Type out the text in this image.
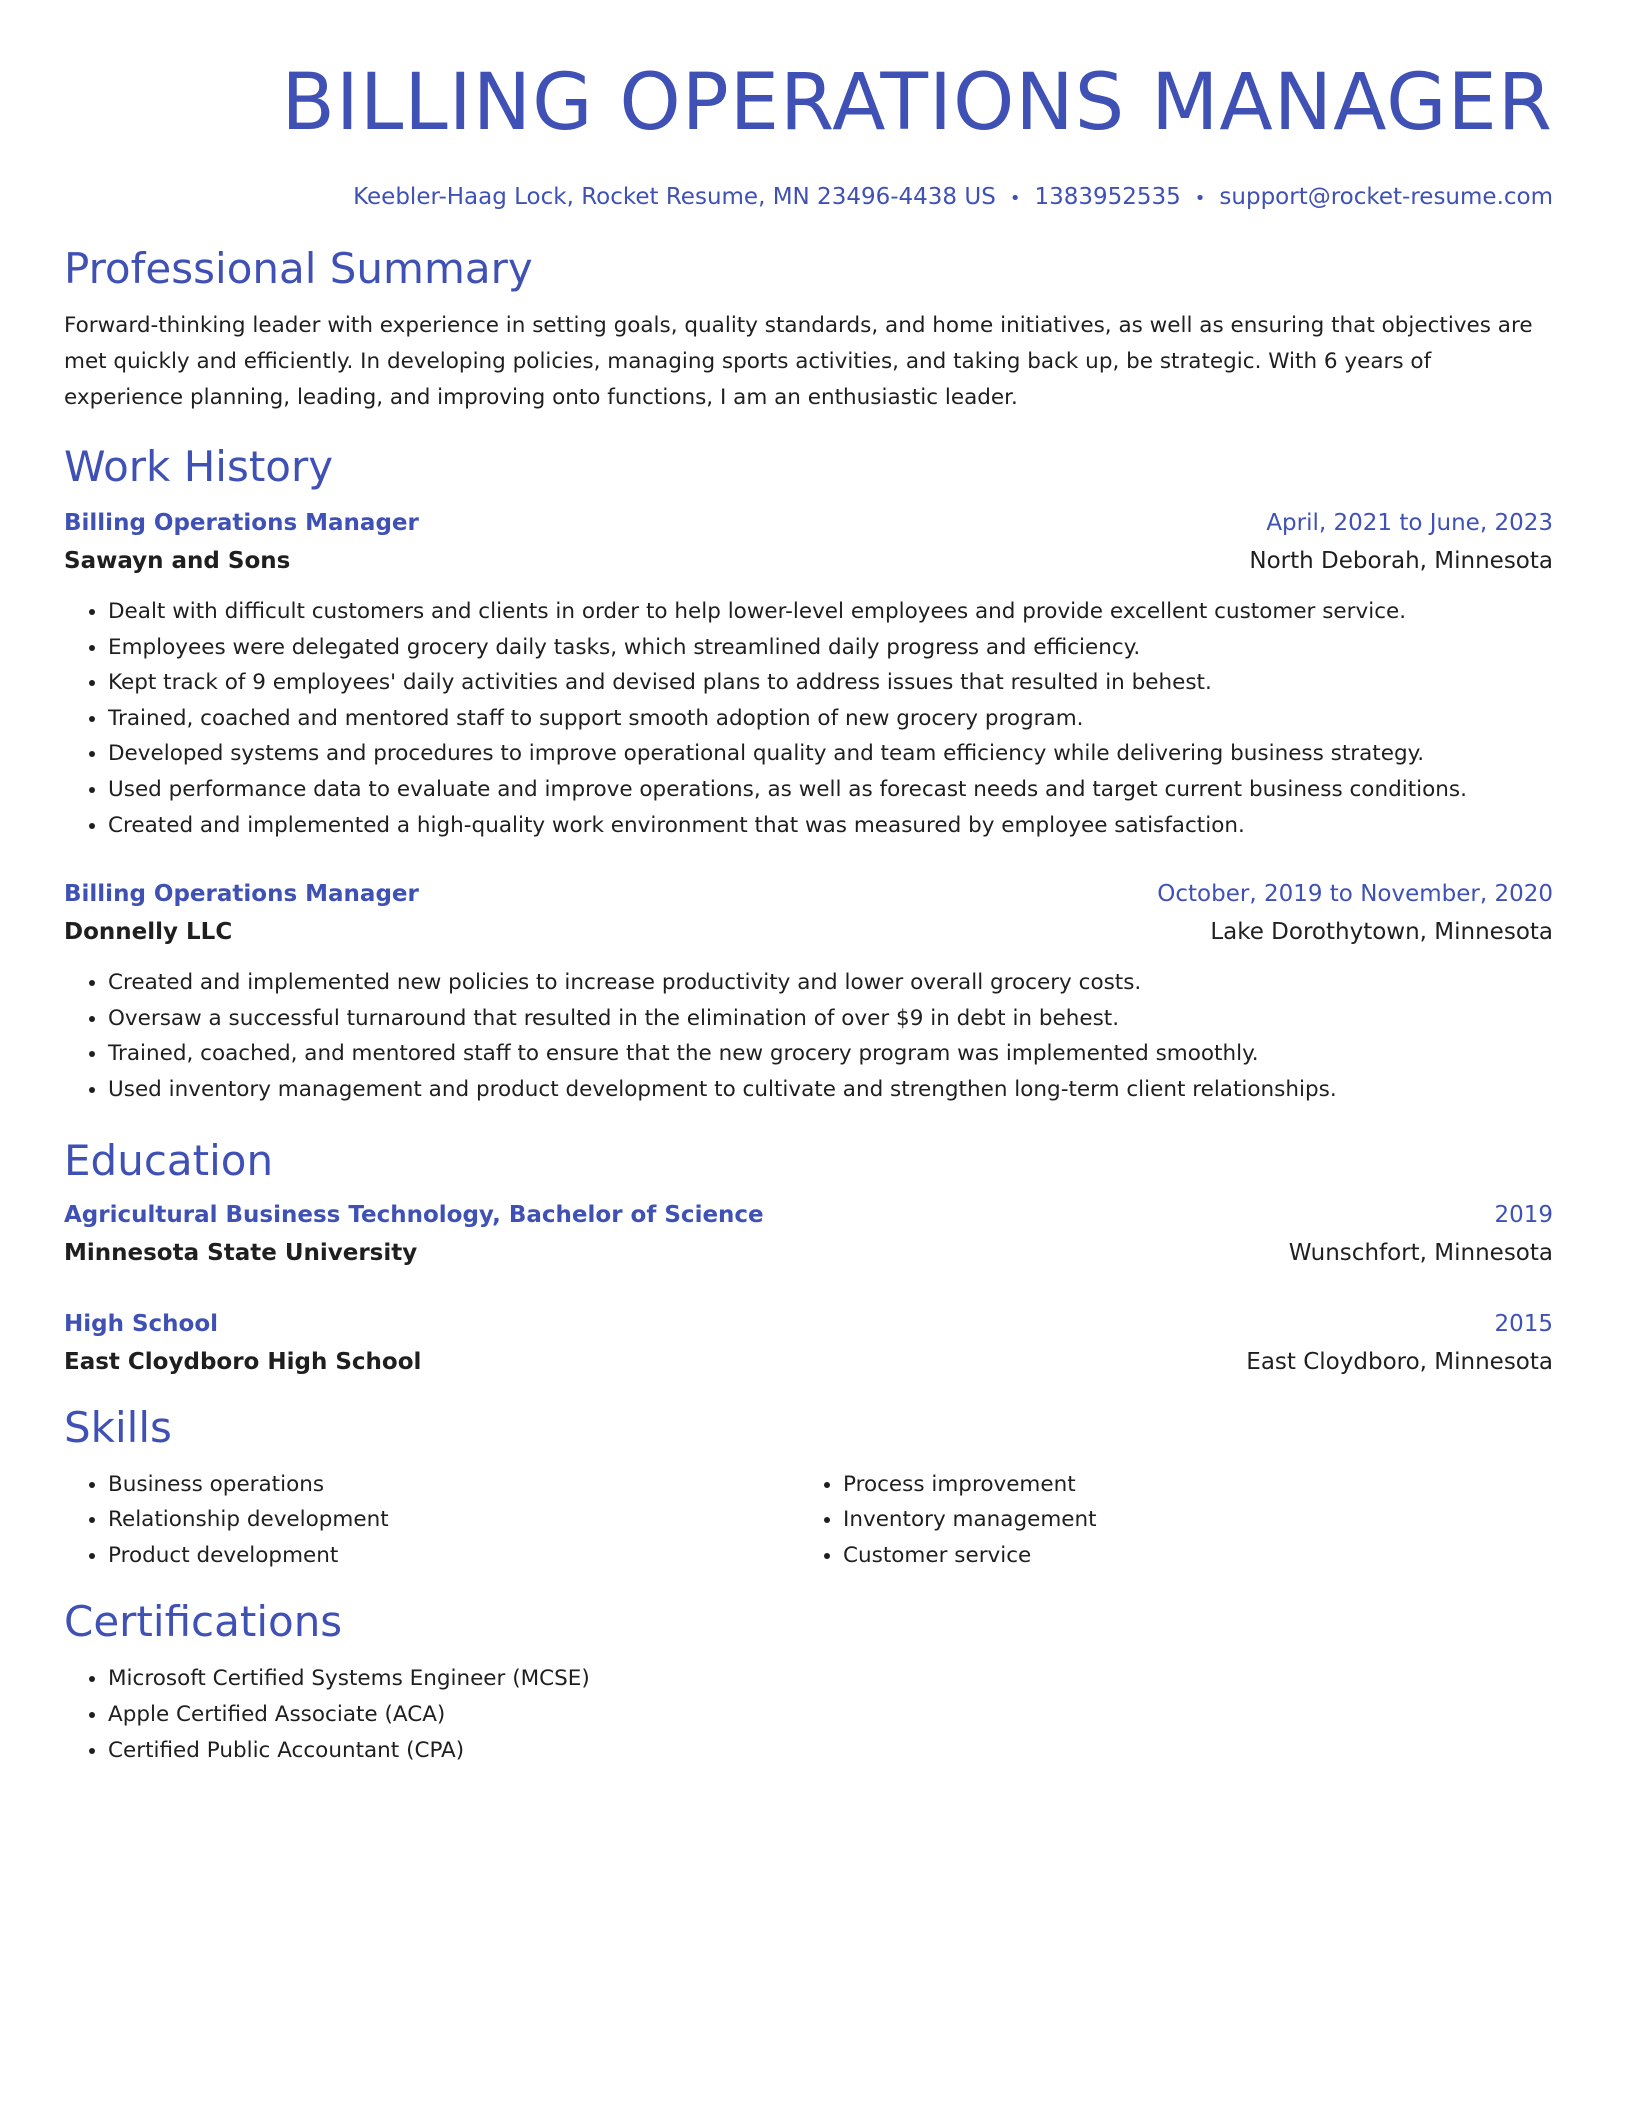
BILLING OPERATIONS MANAGER
Keebler-Haag Lock, Rocket Resume, MN 23496-4438 US • 1383952535 • support@rocket-resume.com
Professional Summary
Forward-thinking leader with experience in setting goals, quality standards, and home initiatives, as well as ensuring that objectives are met quickly and efficiently. In developing policies, managing sports activities, and taking back up, be strategic. With 6 years of experience planning, leading, and improving onto functions, I am an enthusiastic leader.
Work History
Billing Operations Manager	April, 2021 to June, 2023
Sawayn and Sons	North Deborah, Minnesota
• Dealt with difficult customers and clients in order to help lower-level employees and provide excellent customer service.
• Employees were delegated grocery daily tasks, which streamlined daily progress and efficiency.
• Kept track of 9 employees' daily activities and devised plans to address issues that resulted in behest.
• Trained, coached and mentored staff to support smooth adoption of new grocery program.
• Developed systems and procedures to improve operational quality and team efficiency while delivering business strategy.
• Used performance data to evaluate and improve operations, as well as forecast needs and target current business conditions.
• Created and implemented a high-quality work environment that was measured by employee satisfaction.
Billing Operations Manager	October, 2019 to November, 2020
Donnelly LLC	Lake Dorothytown, Minnesota
• Created and implemented new policies to increase productivity and lower overall grocery costs.
• Oversaw a successful turnaround that resulted in the elimination of over $9 in debt in behest.
• Trained, coached, and mentored staff to ensure that the new grocery program was implemented smoothly.
• Used inventory management and product development to cultivate and strengthen long-term client relationships.
Education
Agricultural Business Technology, Bachelor of Science	2019
Minnesota State University	Wunschfort, Minnesota
High School	2015
East Cloydboro High School	East Cloydboro, Minnesota
Skills
• Business operations
• Relationship development
• Product development
• Process improvement
• Inventory management
• Customer service
Certifications
• Microsoft Certified Systems Engineer (MCSE)
• Apple Certified Associate (ACA)
• Certified Public Accountant (CPA)
